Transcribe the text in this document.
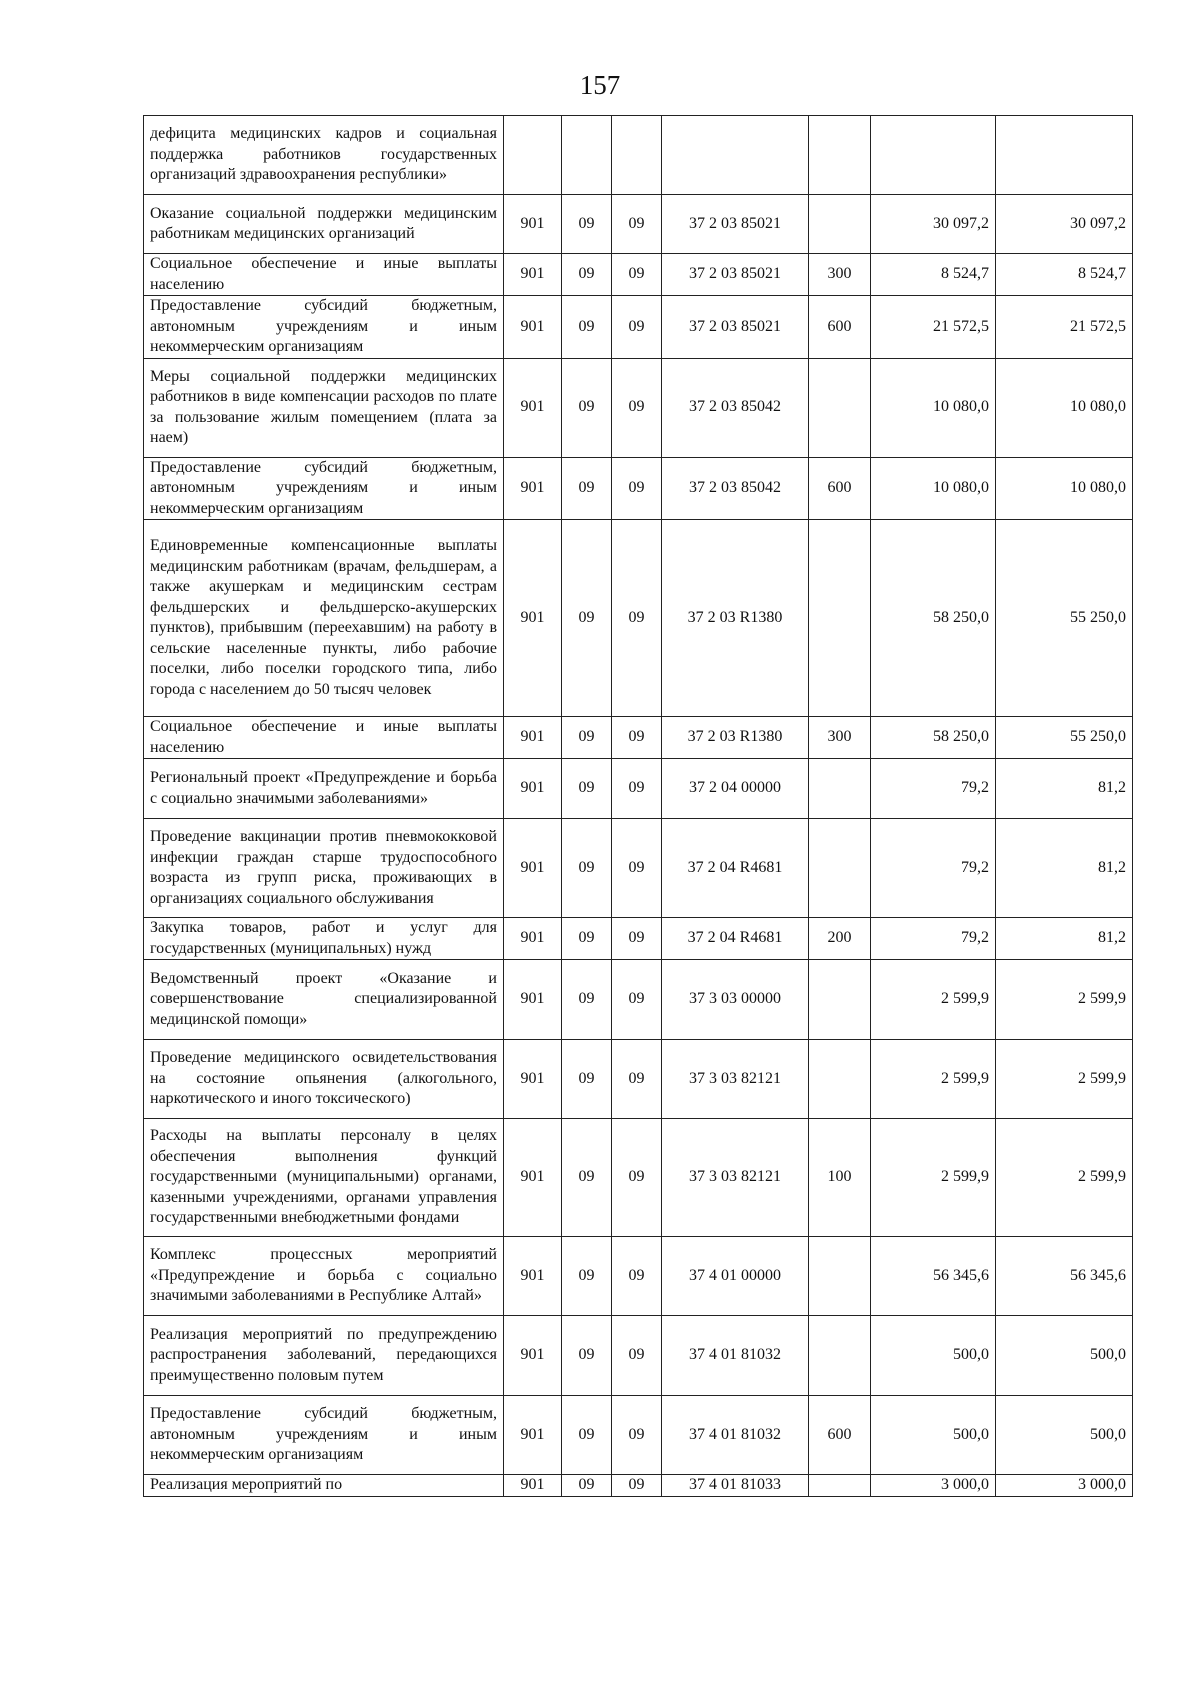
157
дефицита медицинских кадров и социальная поддержка работников государственных организаций здравоохранения республики»							
Оказание социальной поддержки медицинским работникам медицинских организаций	901	09	09	37 2 03 85021		30 097,2	30 097,2
Социальное обеспечение и иные выплаты населению	901	09	09	37 2 03 85021	300	8 524,7	8 524,7
Предоставление субсидий бюджетным, автономным учреждениям и иным некоммерческим организациям	901	09	09	37 2 03 85021	600	21 572,5	21 572,5
Меры социальной поддержки медицинских работников в виде компенсации расходов по плате за пользование жилым помещением (плата за наем)	901	09	09	37 2 03 85042		10 080,0	10 080,0
Предоставление субсидий бюджетным, автономным учреждениям и иным некоммерческим организациям	901	09	09	37 2 03 85042	600	10 080,0	10 080,0
Единовременные компенсационные выплаты медицинским работникам (врачам, фельдшерам, а также акушеркам и медицинским сестрам фельдшерских и фельдшерско-акушерских пунктов), прибывшим (переехавшим) на работу в сельские населенные пункты, либо рабочие поселки, либо поселки городского типа, либо города с населением до 50 тысяч человек	901	09	09	37 2 03 R1380		58 250,0	55 250,0
Социальное обеспечение и иные выплаты населению	901	09	09	37 2 03 R1380	300	58 250,0	55 250,0
Региональный проект «Предупреждение и борьба с социально значимыми заболеваниями»	901	09	09	37 2 04 00000		79,2	81,2
Проведение вакцинации против пневмококковой инфекции граждан старше трудоспособного возраста из групп риска, проживающих в организациях социального обслуживания	901	09	09	37 2 04 R4681		79,2	81,2
Закупка товаров, работ и услуг для государственных (муниципальных) нужд	901	09	09	37 2 04 R4681	200	79,2	81,2
Ведомственный проект «Оказание и совершенствование специализированной медицинской помощи»	901	09	09	37 3 03 00000		2 599,9	2 599,9
Проведение медицинского освидетельствования на состояние опьянения (алкогольного, наркотического и иного токсического)	901	09	09	37 3 03 82121		2 599,9	2 599,9
Расходы на выплаты персоналу в целях обеспечения выполнения функций государственными (муниципальными) органами, казенными учреждениями, органами управления государственными внебюджетными фондами	901	09	09	37 3 03 82121	100	2 599,9	2 599,9
Комплекс процессных мероприятий «Предупреждение и борьба с социально значимыми заболеваниями в Республике Алтай»	901	09	09	37 4 01 00000		56 345,6	56 345,6
Реализация мероприятий по предупреждению распространения заболеваний, передающихся преимущественно половым путем	901	09	09	37 4 01 81032		500,0	500,0
Предоставление субсидий бюджетным, автономным учреждениям и иным некоммерческим организациям	901	09	09	37 4 01 81032	600	500,0	500,0
Реализация мероприятий по	901	09	09	37 4 01 81033		3 000,0	3 000,0
